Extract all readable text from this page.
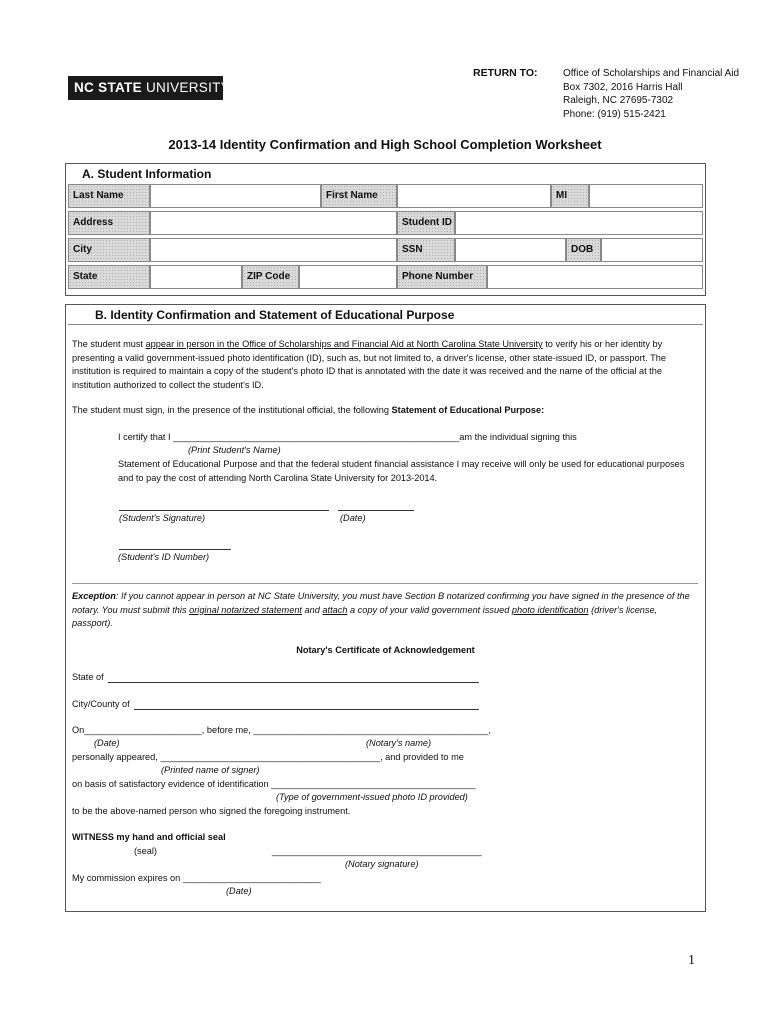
NC STATE UNIVERSITY
RETURN TO:	Office of Scholarships and Financial Aid
Box 7302, 2016 Harris Hall
Raleigh, NC 27695-7302
Phone: (919) 515-2421
2013-14 Identity Confirmation and High School Completion Worksheet
A. Student Information
Last Name	First Name	MI
Address	Student ID
City	SSN	DOB
State	ZIP Code	Phone Number
B. Identity Confirmation and Statement of Educational Purpose
The student must appear in person in the Office of Scholarships and Financial Aid at North Carolina State University to verify his or her identity by presenting a valid government-issued photo identification (ID), such as, but not limited to, a driver's license, other state-issued ID, or passport. The institution is required to maintain a copy of the student's photo ID that is annotated with the date it was received and the name of the official at the institution authorized to collect the student's ID.
The student must sign, in the presence of the institutional official, the following Statement of Educational Purpose:
I certify that I ________________________________________________________am the individual signing this
(Print Student's Name)
Statement of Educational Purpose and that the federal student financial assistance I may receive will only be used for educational purposes and to pay the cost of attending North Carolina State University for 2013-2014.
(Student's Signature)	(Date)
(Student's ID Number)
Exception: If you cannot appear in person at NC State University, you must have Section B notarized confirming you have signed in the presence of the notary. You must submit this original notarized statement and attach a copy of your valid government issued photo identification (driver's license, passport).
Notary's Certificate of Acknowledgement
State of
City/County of
On_______________________, before me, ______________________________________________,
(Date)	(Notary's name)
personally appeared, ___________________________________________, and provided to me
(Printed name of signer)
on basis of satisfactory evidence of identification ________________________________________
(Type of government-issued photo ID provided)
to be the above-named person who signed the foregoing instrument.
WITNESS my hand and official seal
(seal)	_________________________________________
(Notary signature)
My commission expires on ___________________________
(Date)
1
